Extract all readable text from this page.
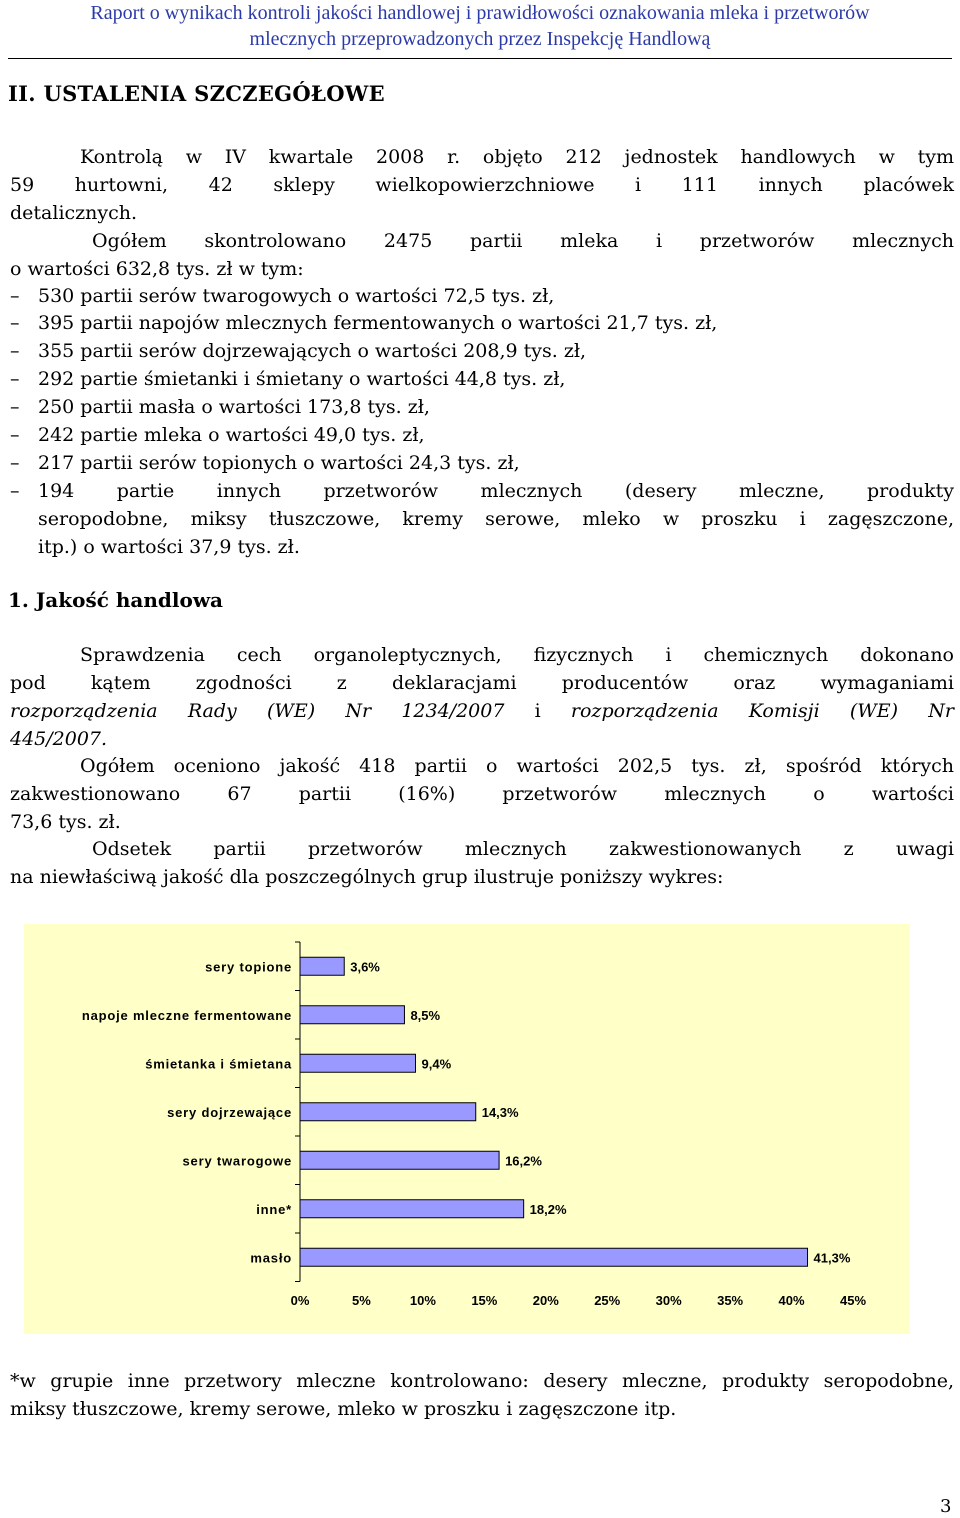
Raport o wynikach kontroli jakości handlowej i prawidłowości oznakowania mleka i przetworów
mlecznych przeprowadzonych przez Inspekcję Handlową
II. USTALENIA SZCZEGÓŁOWE
Kontrolą w IV kwartale 2008 r. objęto 212 jednostek handlowych w tym
59 hurtowni, 42 sklepy wielkopowierzchniowe i 111 innych placówek
detalicznych.
Ogółem skontrolowano 2475 partii mleka i przetworów mlecznych
o wartości 632,8 tys. zł w tym:
– 530 partii serów twarogowych o wartości 72,5 tys. zł,
– 395 partii napojów mlecznych fermentowanych o wartości 21,7 tys. zł,
– 355 partii serów dojrzewających o wartości 208,9 tys. zł,
– 292 partie śmietanki i śmietany o wartości 44,8 tys. zł,
– 250 partii masła o wartości 173,8 tys. zł,
– 242 partie mleka o wartości 49,0 tys. zł,
– 217 partii serów topionych o wartości 24,3 tys. zł,
– 194 partie innych przetworów mlecznych (desery mleczne, produkty
seropodobne, miksy tłuszczowe, kremy serowe, mleko w proszku i zagęszczone,
itp.) o wartości 37,9 tys. zł.
1. Jakość handlowa
Sprawdzenia cech organoleptycznych, fizycznych i chemicznych dokonano
pod kątem zgodności z deklaracjami producentów oraz wymaganiami
rozporządzenia Rady (WE) Nr 1234/2007 i rozporządzenia Komisji (WE) Nr
445/2007.
Ogółem oceniono jakość 418 partii o wartości 202,5 tys. zł, spośród których
zakwestionowano 67 partii (16%) przetworów mlecznych o wartości
73,6 tys. zł.
Odsetek partii przetworów mlecznych zakwestionowanych z uwagi
na niewłaściwą jakość dla poszczególnych grup ilustruje poniższy wykres:
sery topione	3,6%
napoje mleczne fermentowane	8,5%
śmietanka i śmietana	9,4%
sery dojrzewające	14,3%
sery twarogowe	16,2%
inne*	18,2%
masło	41,3%
0%	5%	10%	15%	20%	25%	30%	35%	40%	45%
*w grupie inne przetwory mleczne kontrolowano: desery mleczne, produkty seropodobne,
miksy tłuszczowe, kremy serowe, mleko w proszku i zagęszczone itp.
3
